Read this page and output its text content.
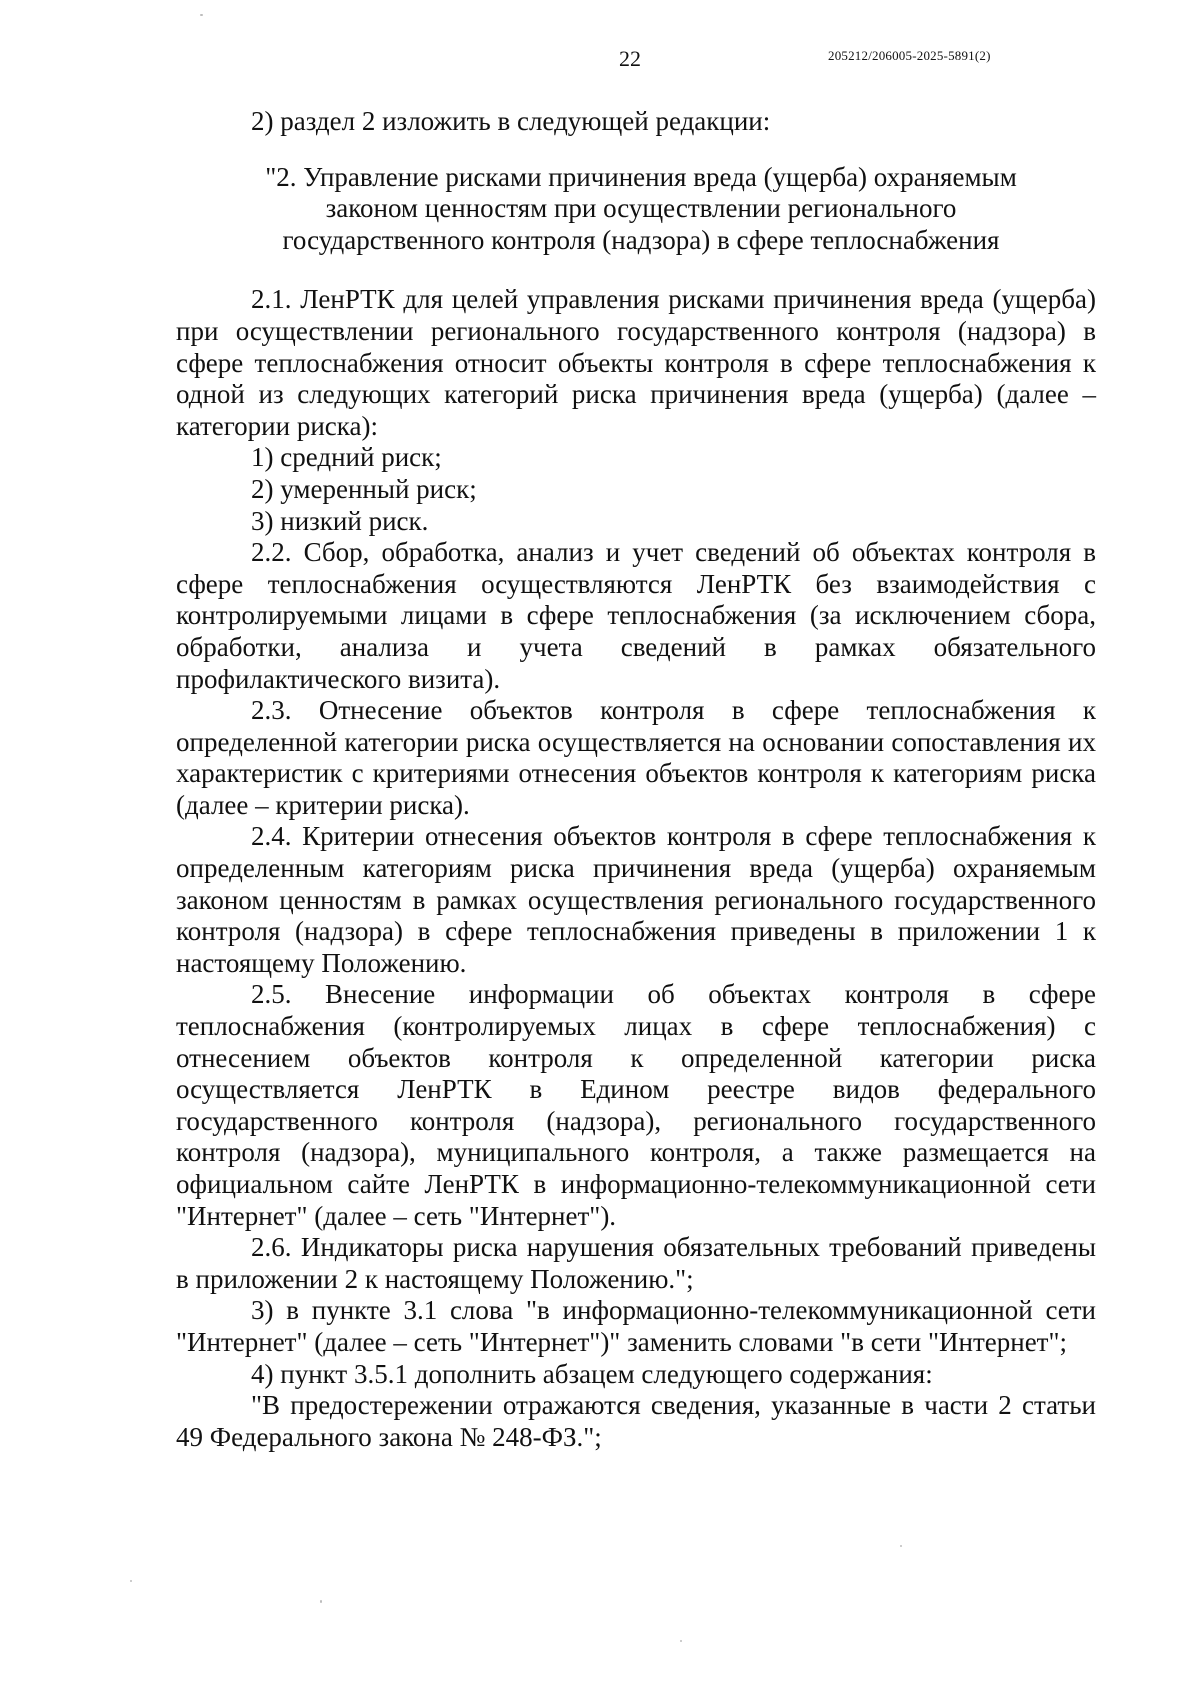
22	205212/206005-2025-5891(2)

2) раздел 2 изложить в следующей редакции:

"2. Управление рисками причинения вреда (ущерба) охраняемым законом ценностям при осуществлении регионального государственного контроля (надзора) в сфере теплоснабжения

2.1. ЛенРТК для целей управления рисками причинения вреда (ущерба) при осуществлении регионального государственного контроля (надзора) в сфере теплоснабжения относит объекты контроля в сфере теплоснабжения к одной из следующих категорий риска причинения вреда (ущерба) (далее – категории риска):

1) средний риск;

2) умеренный риск;

3) низкий риск.

2.2. Сбор, обработка, анализ и учет сведений об объектах контроля в сфере теплоснабжения осуществляются ЛенРТК без взаимодействия с контролируемыми лицами в сфере теплоснабжения (за исключением сбора, обработки, анализа и учета сведений в рамках обязательного профилактического визита).

2.3. Отнесение объектов контроля в сфере теплоснабжения к определенной категории риска осуществляется на основании сопоставления их характеристик с критериями отнесения объектов контроля к категориям риска (далее – критерии риска).

2.4. Критерии отнесения объектов контроля в сфере теплоснабжения к определенным категориям риска причинения вреда (ущерба) охраняемым законом ценностям в рамках осуществления регионального государственного контроля (надзора) в сфере теплоснабжения приведены в приложении 1 к настоящему Положению.

2.5. Внесение информации об объектах контроля в сфере теплоснабжения (контролируемых лицах в сфере теплоснабжения) с отнесением объектов контроля к определенной категории риска осуществляется ЛенРТК в Едином реестре видов федерального государственного контроля (надзора), регионального государственного контроля (надзора), муниципального контроля, а также размещается на официальном сайте ЛенРТК в информационно-телекоммуникационной сети "Интернет" (далее – сеть "Интернет").

2.6. Индикаторы риска нарушения обязательных требований приведены в приложении 2 к настоящему Положению.";

3) в пункте 3.1 слова "в информационно-телекоммуникационной сети "Интернет" (далее – сеть "Интернет")" заменить словами "в сети "Интернет";

4) пункт 3.5.1 дополнить абзацем следующего содержания:

"В предостережении отражаются сведения, указанные в части 2 статьи 49 Федерального закона № 248-ФЗ.";
